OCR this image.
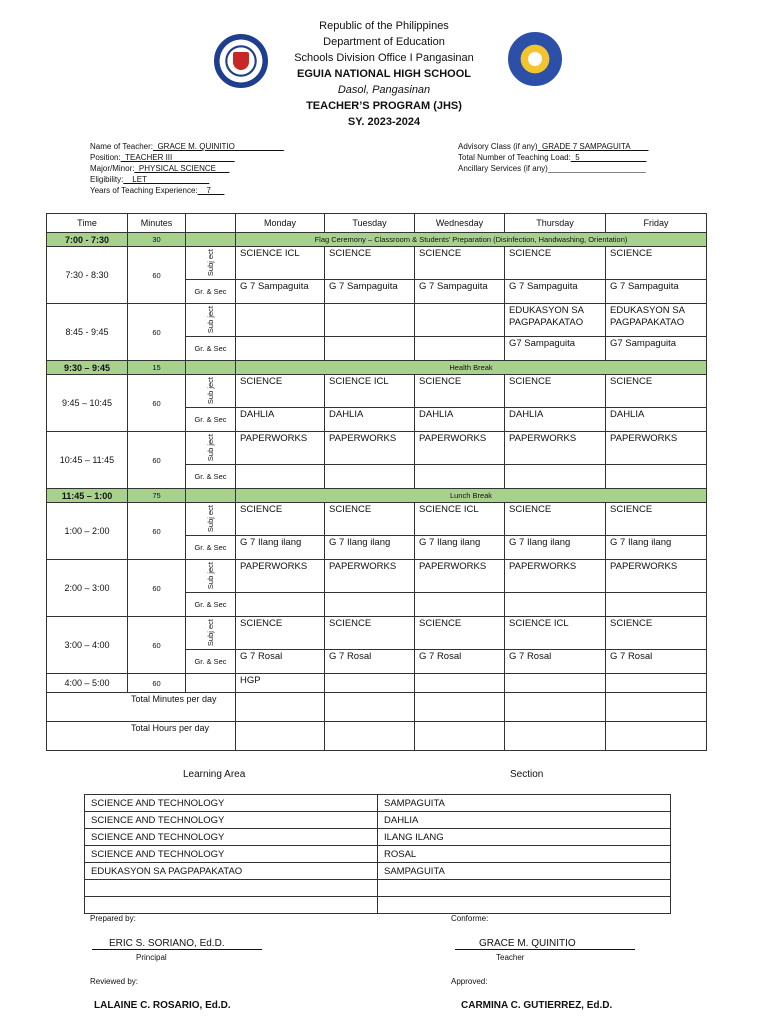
Republic of the Philippines
Department of Education
Schools Division Office I Pangasinan
EGUIA NATIONAL HIGH SCHOOL
Dasol, Pangasinan
TEACHER’S PROGRAM (JHS)
SY. 2023-2024
Name of Teacher:_GRACE M. QUINITIO___________
Position:_TEACHER III______________
Major/Minor:_PHYSICAL SCIENCE___
Eligibility:__LET______________
Years of Teaching Experience:__7___
Advisory Class (if any)_GRADE 7 SAMPAGUITA____
Total Number of Teaching Load:_5_______________
Ancillary Services (if any)______________________
Time	Minutes		Monday	Tuesday	Wednesday	Thursday	Friday
7:00 - 7:30	30		Flag Ceremony – Classroom & Students’ Preparation (Disinfection, Handwashing, Orientation)				
7:30 - 8:30	60	Subj ect	SCIENCE ICL	SCIENCE	SCIENCE	SCIENCE	SCIENCE

		Gr. & Sec	G 7 Sampaguita	G 7 Sampaguita	G 7 Sampaguita	G 7 Sampaguita	G 7 Sampaguita

8:45 - 9:45	60	Sub ject				EDUKASYON SA PAGPAPAKATAO	EDUKASYON SA PAGPAPAKATAO

		Gr. & Sec				G7 Sampaguita	G7 Sampaguita

9:30 – 9:45	15		Health Break				
9:45 – 10:45	60	Sub ject	SCIENCE	SCIENCE ICL	SCIENCE	SCIENCE	SCIENCE

		Gr. & Sec	DAHLIA	DAHLIA	DAHLIA	DAHLIA	DAHLIA

10:45 – 11:45	60	Sub ject	PAPERWORKS	PAPERWORKS	PAPERWORKS	PAPERWORKS	PAPERWORKS

		Gr. & Sec					

11:45 – 1:00	75		Lunch Break				
1:00 – 2:00	60	Subj ect	SCIENCE	SCIENCE	SCIENCE ICL	SCIENCE	SCIENCE

		Gr. & Sec	G 7 Ilang ilang	G 7 Ilang ilang	G 7 Ilang ilang	G 7 Ilang ilang	G 7 Ilang ilang

2:00 – 3:00	60	Sub ject	PAPERWORKS	PAPERWORKS	PAPERWORKS	PAPERWORKS	PAPERWORKS

		Gr. & Sec					

3:00 – 4:00	60	Subj ect	SCIENCE	SCIENCE	SCIENCE	SCIENCE ICL	SCIENCE

		Gr. & Sec	G 7 Rosal	G 7 Rosal	G 7 Rosal	G 7 Rosal	G 7 Rosal

4:00 – 5:00	60		HGP				

Total Minutes per day							
Total Hours per day							
Learning Area	Section
SCIENCE AND TECHNOLOGY	SAMPAGUITA
SCIENCE AND TECHNOLOGY	DAHLIA
SCIENCE AND TECHNOLOGY	ILANG ILANG
SCIENCE AND TECHNOLOGY	ROSAL
EDUKASYON SA PAGPAPAKATAO	SAMPAGUITA

Prepared by:
ERIC S. SORIANO, Ed.D.
Principal
Conforme:
GRACE M. QUINITIO
Teacher
Reviewed by:
LALAINE C. ROSARIO, Ed.D.
Approved:
CARMINA C. GUTIERREZ, Ed.D.
